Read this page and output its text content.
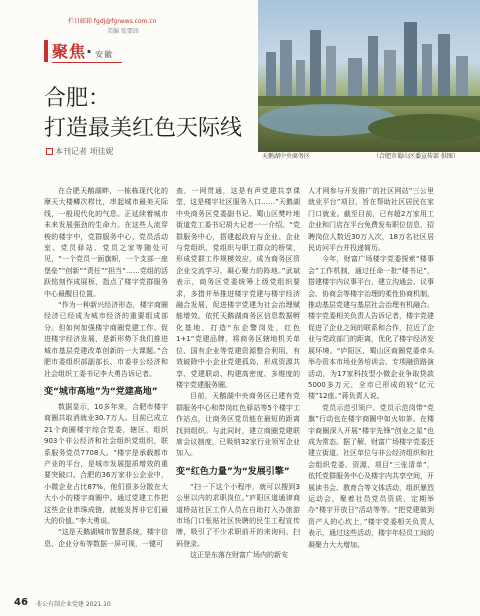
栏目邮箱 fgdj@fgnews.com.cn
美编 张要回
聚焦· 安徽
合肥：
打造最美红色天际线
本刊记者 项佳妮
天鹅湖中央商务区	（合肥市蜀山区委宣传部 供图）

在合肥天鹅湖畔，一栋栋现代化的摩天大楼鳞次栉比，串起城市最美天际线，一般现代化的气息。正延续着城市未来发展强劲的生命力。在这些人流穿梭的楼宇中，党群服务中心、党员活动室、党员驿站、党员之家等随处可见，“一个党员一面旗帜，一个支部一座堡垒”“创新”“责任”“担当”……党组的活跃铭刻作成展板，指点了楼宇党群服务中心最醒目位置。

“作为一种新兴经济形态，楼宇商圈经济已经成为城市经济的重要组成部分。但如何加强楼宇商圈党建工作、促进楼宇经济发展，是新形势下我们推进城市基层党建改革创新的一大课题。”合肥市委组织部副部长、市委非公经济和社会组织工委书记李大勇告诉记者。

变“城市高地”为“党建高地”

数据显示，10多年来，合肥市楼宇商圈共取消就业30.7万人。目前已成立21个商圈楼宇综合党委，辖区、组织903个非公经济和社会组织党组织，联系服务党员7708人。“楼宇是承载都市产业的平台，是城市发展提质增效的重要突破口。合肥的36万家非公企业中，小微企业占比87%，他们很多分散在大大小小的楼宇商圈中。通过党建工作把这些企业串珠成链，就能发挥非它们最大的价值。”李大勇说。

“这是天鹅湖城市智慧系统，楼宇信息、企业分布等数据一屏可视，一键可

查，一网贯通，这是有声党建共享课堂，这是楼宇社区服务入口……”天鹅湖中央商务区党委副书记、蜀山区樊叶地街道党工委书记胡大记者一一介绍。“党群服务中心，搭建起政府与企业、企业与党组织、党组织与职工群众的桥梁，形成党群工作规模效应，成为商务区资企业交流学习、凝心聚力的阵地。”武斌表示，商务区党委统筹上级党组织要求，多措并举推进楼宇党建与楼宇经济融合发展，促进楼宇党建为社会治理赋能增效。依托天鹅湖商务区信息数据孵化基地，打造“东企警岗处，红色1+1”党建品牌，将商务区辖地机关单位、国有企业等党建资源整合利用，有效破除中小企业党建孤岛，形成资源共享、党建联动、构建高密度、多维度的楼宇党建服务圈。

目前，天鹅湖中央商务区已建有党群服务中心和带岗红色驿站等5个楼宇工作站点，让商务区党员能在最短的距离找到组织。与此同时，建立商圈党建联席会议制度，已吸纳32家行业领军企业加入。

变“红色力量”为“发展引擎”

“扫一下这个小程序，就可以搜到3公里以内的求职岗位。”庐阳区道通律商道桥站社区工作人员在自助打入办旅游市场门口张贴社区快聘的民生工程宣传牌，吸引了不少求职前开的来询问、扫码登录。

这正是东落在财富广场内的新安

人才网参与开发推广的社区网站“三公里就业平台”项目，旨在帮助社区居民在家门口就业。截至目前，已有超2万家用工企业和门店在平台免费发布职位信息，招聘岗位人数近30万人次，18万名社区居民访问平台并投递简历。

今年，财富广场楼宇党委探索“楼事会”工作机制，通过任命一批“楼书记”，搭建楼宇内议事平台，建立沟通会、议事会、协商会等楼宇治理的柔性协商机制，推动基层党建与基层社会治理有机融合。楼宇党委相关负责人告诉记者，楼宇党建促进了企业之间的联系和合作，拉近了企业与党政部门的距离，优化了楼宇经济发展环境。“庐阳区、蜀山区商圈党委牵头举办资本市场业务培训会、专项融资路演活动，为17家科技型小微企业争取贷款5000多万元，全市已形成的较“亿元楼”12座。”蒋负责人说。

党员示范引领户、党员示范岗带“党旗”行动也在楼宇商圈中如火如荼。在楼宇商圈深入开展“楼宇先锋”创业之星”也成为常态。据了解，财富广场楼宇党委还建立街道、社区单位与非公经济组织和社会组织党委、资源、项目“三张清单”，依托党群服务中心及楼宇内共享空间，开展读书会、教育合等文体活动，组织暴烈运动会，聚着社员党员资质，定期举办“楼宇开放日”活动等等。“把党建做到资产人的心坎上，”楼宇党委相关负责人表示，通过这些活动，楼宇年轻员工间的凝聚力大大增加。

46 非公有制企业党建 2021.10
